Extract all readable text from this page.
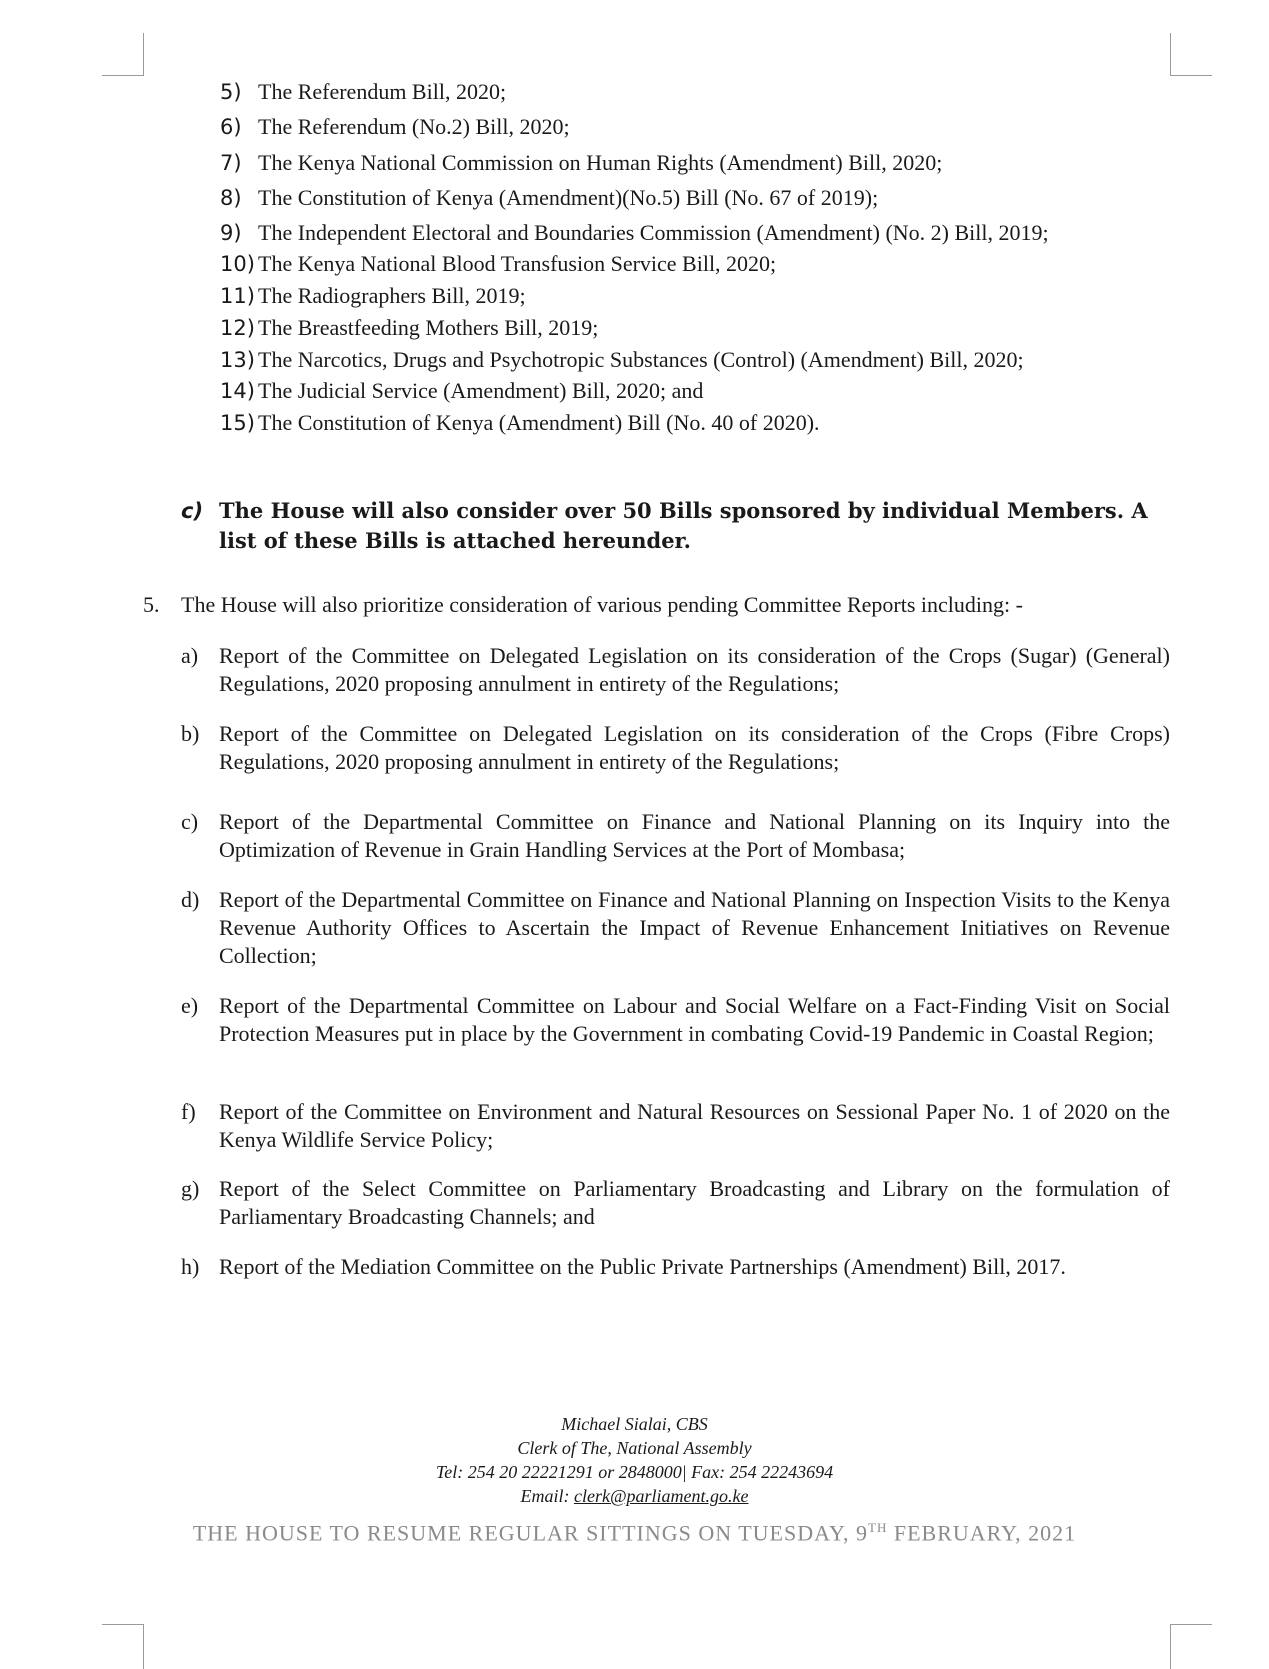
5) The Referendum Bill, 2020;
6) The Referendum (No.2) Bill, 2020;
7) The Kenya National Commission on Human Rights (Amendment) Bill, 2020;
8) The Constitution of Kenya (Amendment)(No.5) Bill (No. 67 of 2019);
9) The Independent Electoral and Boundaries Commission (Amendment) (No. 2) Bill, 2019;
10) The Kenya National Blood Transfusion Service Bill, 2020;
11) The Radiographers Bill, 2019;
12) The Breastfeeding Mothers Bill, 2019;
13) The Narcotics, Drugs and Psychotropic Substances (Control) (Amendment) Bill, 2020;
14) The Judicial Service (Amendment) Bill, 2020; and
15) The Constitution of Kenya (Amendment) Bill (No. 40 of 2020).
c) The House will also consider over 50 Bills sponsored by individual Members. A list of these Bills is attached hereunder.
5. The House will also prioritize consideration of various pending Committee Reports including: -
a) Report of the Committee on Delegated Legislation on its consideration of the Crops (Sugar) (General) Regulations, 2020 proposing annulment in entirety of the Regulations;
b) Report of the Committee on Delegated Legislation on its consideration of the Crops (Fibre Crops) Regulations, 2020 proposing annulment in entirety of the Regulations;
c) Report of the Departmental Committee on Finance and National Planning on its Inquiry into the Optimization of Revenue in Grain Handling Services at the Port of Mombasa;
d) Report of the Departmental Committee on Finance and National Planning on Inspection Visits to the Kenya Revenue Authority Offices to Ascertain the Impact of Revenue Enhancement Initiatives on Revenue Collection;
e) Report of the Departmental Committee on Labour and Social Welfare on a Fact-Finding Visit on Social Protection Measures put in place by the Government in combating Covid-19 Pandemic in Coastal Region;
f) Report of the Committee on Environment and Natural Resources on Sessional Paper No. 1 of 2020 on the Kenya Wildlife Service Policy;
g) Report of the Select Committee on Parliamentary Broadcasting and Library on the formulation of Parliamentary Broadcasting Channels; and
h) Report of the Mediation Committee on the Public Private Partnerships (Amendment) Bill, 2017.
Michael Sialai, CBS
Clerk of The, National Assembly
Tel: 254 20 22221291 or 2848000| Fax: 254 22243694
Email: clerk@parliament.go.ke
THE HOUSE TO RESUME REGULAR SITTINGS ON TUESDAY, 9TH FEBRUARY, 2021
